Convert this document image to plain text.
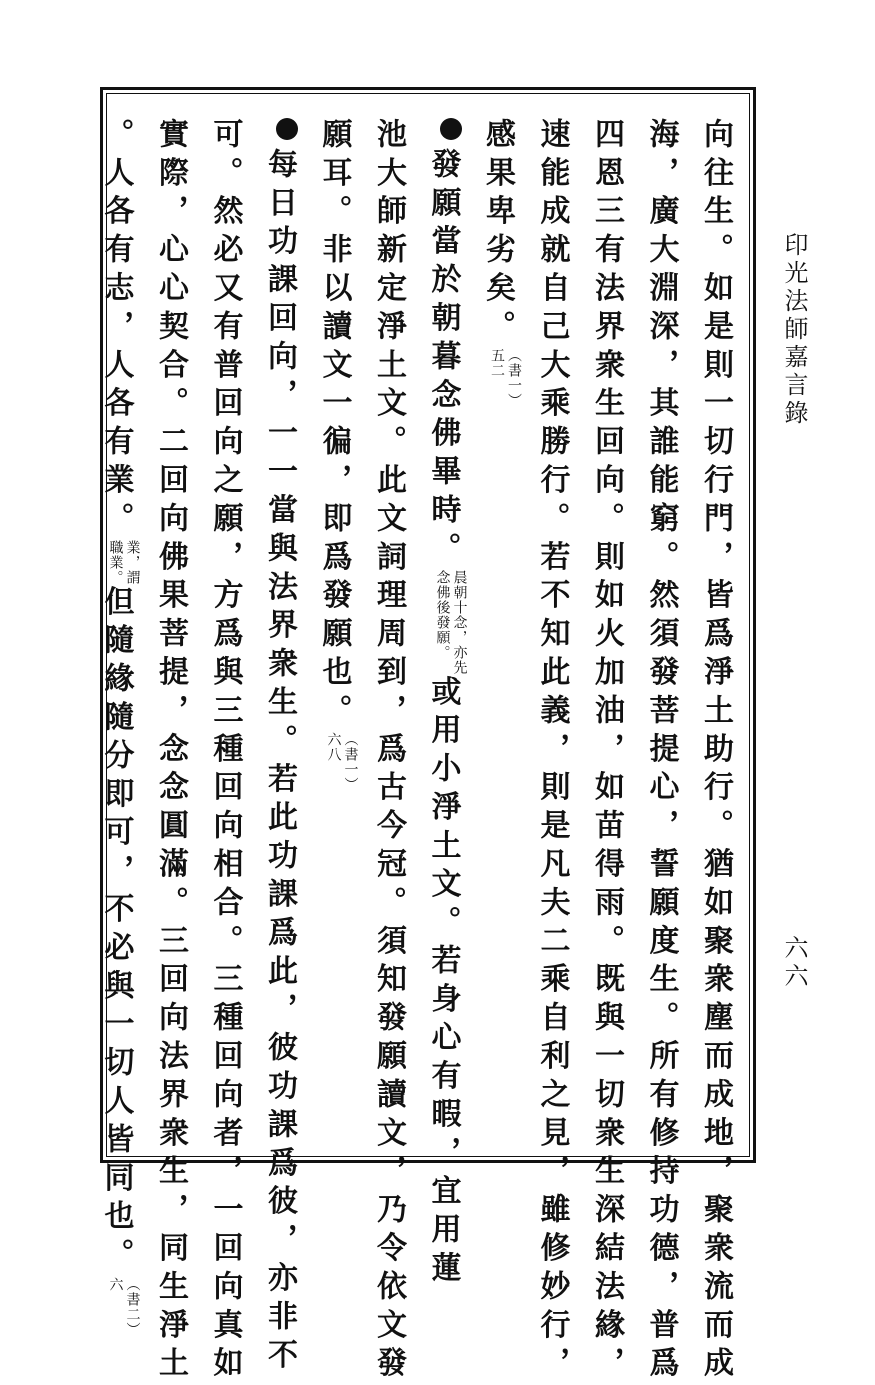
印光法師嘉言錄
六六
向往生。如是則一切行門，皆爲淨土助行。猶如聚衆塵而成地，聚衆流而成
海，廣大淵深，其誰能窮。然須發菩提心，誓願度生。所有修持功德，普爲
四恩三有法界衆生回向。則如火加油，如苗得雨。既與一切衆生深結法緣，
速能成就自己大乘勝行。若不知此義，則是凡夫二乘自利之見，雖修妙行，
感果卑劣矣。
（書一）
五二
發願當於朝暮念佛畢時。
晨朝十念，亦先
念佛後發願。
或用小淨土文。若身心有暇，宜用蓮
池大師新定淨土文。此文詞理周到，爲古今冠。須知發願讀文，乃令依文發
願耳。非以讀文一徧，即爲發願也。
（書一）
六八
每日功課回向，一一當與法界衆生。若此功課爲此，彼功課爲彼，亦非不
可。然必又有普回向之願，方爲與三種回向相合。三種回向者，一回向真如
實際，心心契合。二回向佛果菩提，念念圓滿。三回向法界衆生，同生淨土
。人各有志，人各有業。
業，謂
職業。
但隨緣隨分即可，不必與一切人皆同也。
（書二）
六
